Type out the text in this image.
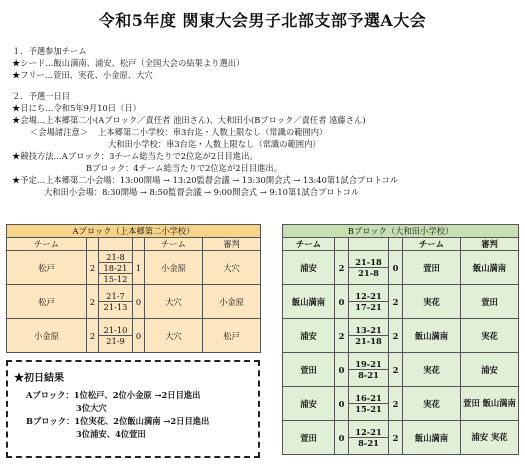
令和5年度 関東大会男子北部支部予選A大会
１．予選参加チーム
★シード…飯山満南、浦安、松戸（全国大会の結果より選出）
★フリー…萱田、実花、小金原、大穴
２．予選一日目
★日にち…令和5年9月10日（日）
★会場…上本郷第二小(Aブロック／責任者 池田さん)、大和田小(Bブロック／責任者 遠藤さん)
＜会場諸注意＞ 上本郷第二小学校：車3台迄・人数上限なし（常識の範囲内）
大和田小学校：車3台迄・人数上限なし（常識の範囲内）
★競技方法…Aブロック：3チーム総当たりで2位迄が2日目進出。
Bブロック：4チーム総当たりで2位迄が2日目進出。
★予定…上本郷第二小会場：13:00開場 → 13:20監督会議 → 13:30開会式 → 13:40第1試合プロトコル
大和田小会場：8:30開場 → 8:50監督会議 → 9:00開会式 → 9:10第1試合プロトコル
Aブロック（上本郷第二小学校）					
チーム				チーム	審判
松戸	2	21-8
18-21
15-12	1	小金原	大穴
松戸	2	21-7
21-13	0	大穴	小金原
小金原	2	21-10
21-9	0	大穴	松戸
Bブロック（大和田小学校）					
チーム				チーム	審判
浦安	2	21-18
21-8	0	萱田	飯山満南
飯山満南	0	12-21
17-21	2	実花	萱田
浦安	2	13-21
21-18	2	飯山満南	実花
萱田	0	19-21
8-21	2	実花	浦安
浦安	0	16-21
15-21	2	実花	萱田 飯山満南
萱田	0	12-21
8-21	2	飯山満南	浦安 実花
★初日結果
Aブロック：1位松戸、2位小金原 →2日目進出
3位大穴
Bブロック：1位実花、2位飯山満南 →2日目進出
3位浦安、4位萱田
